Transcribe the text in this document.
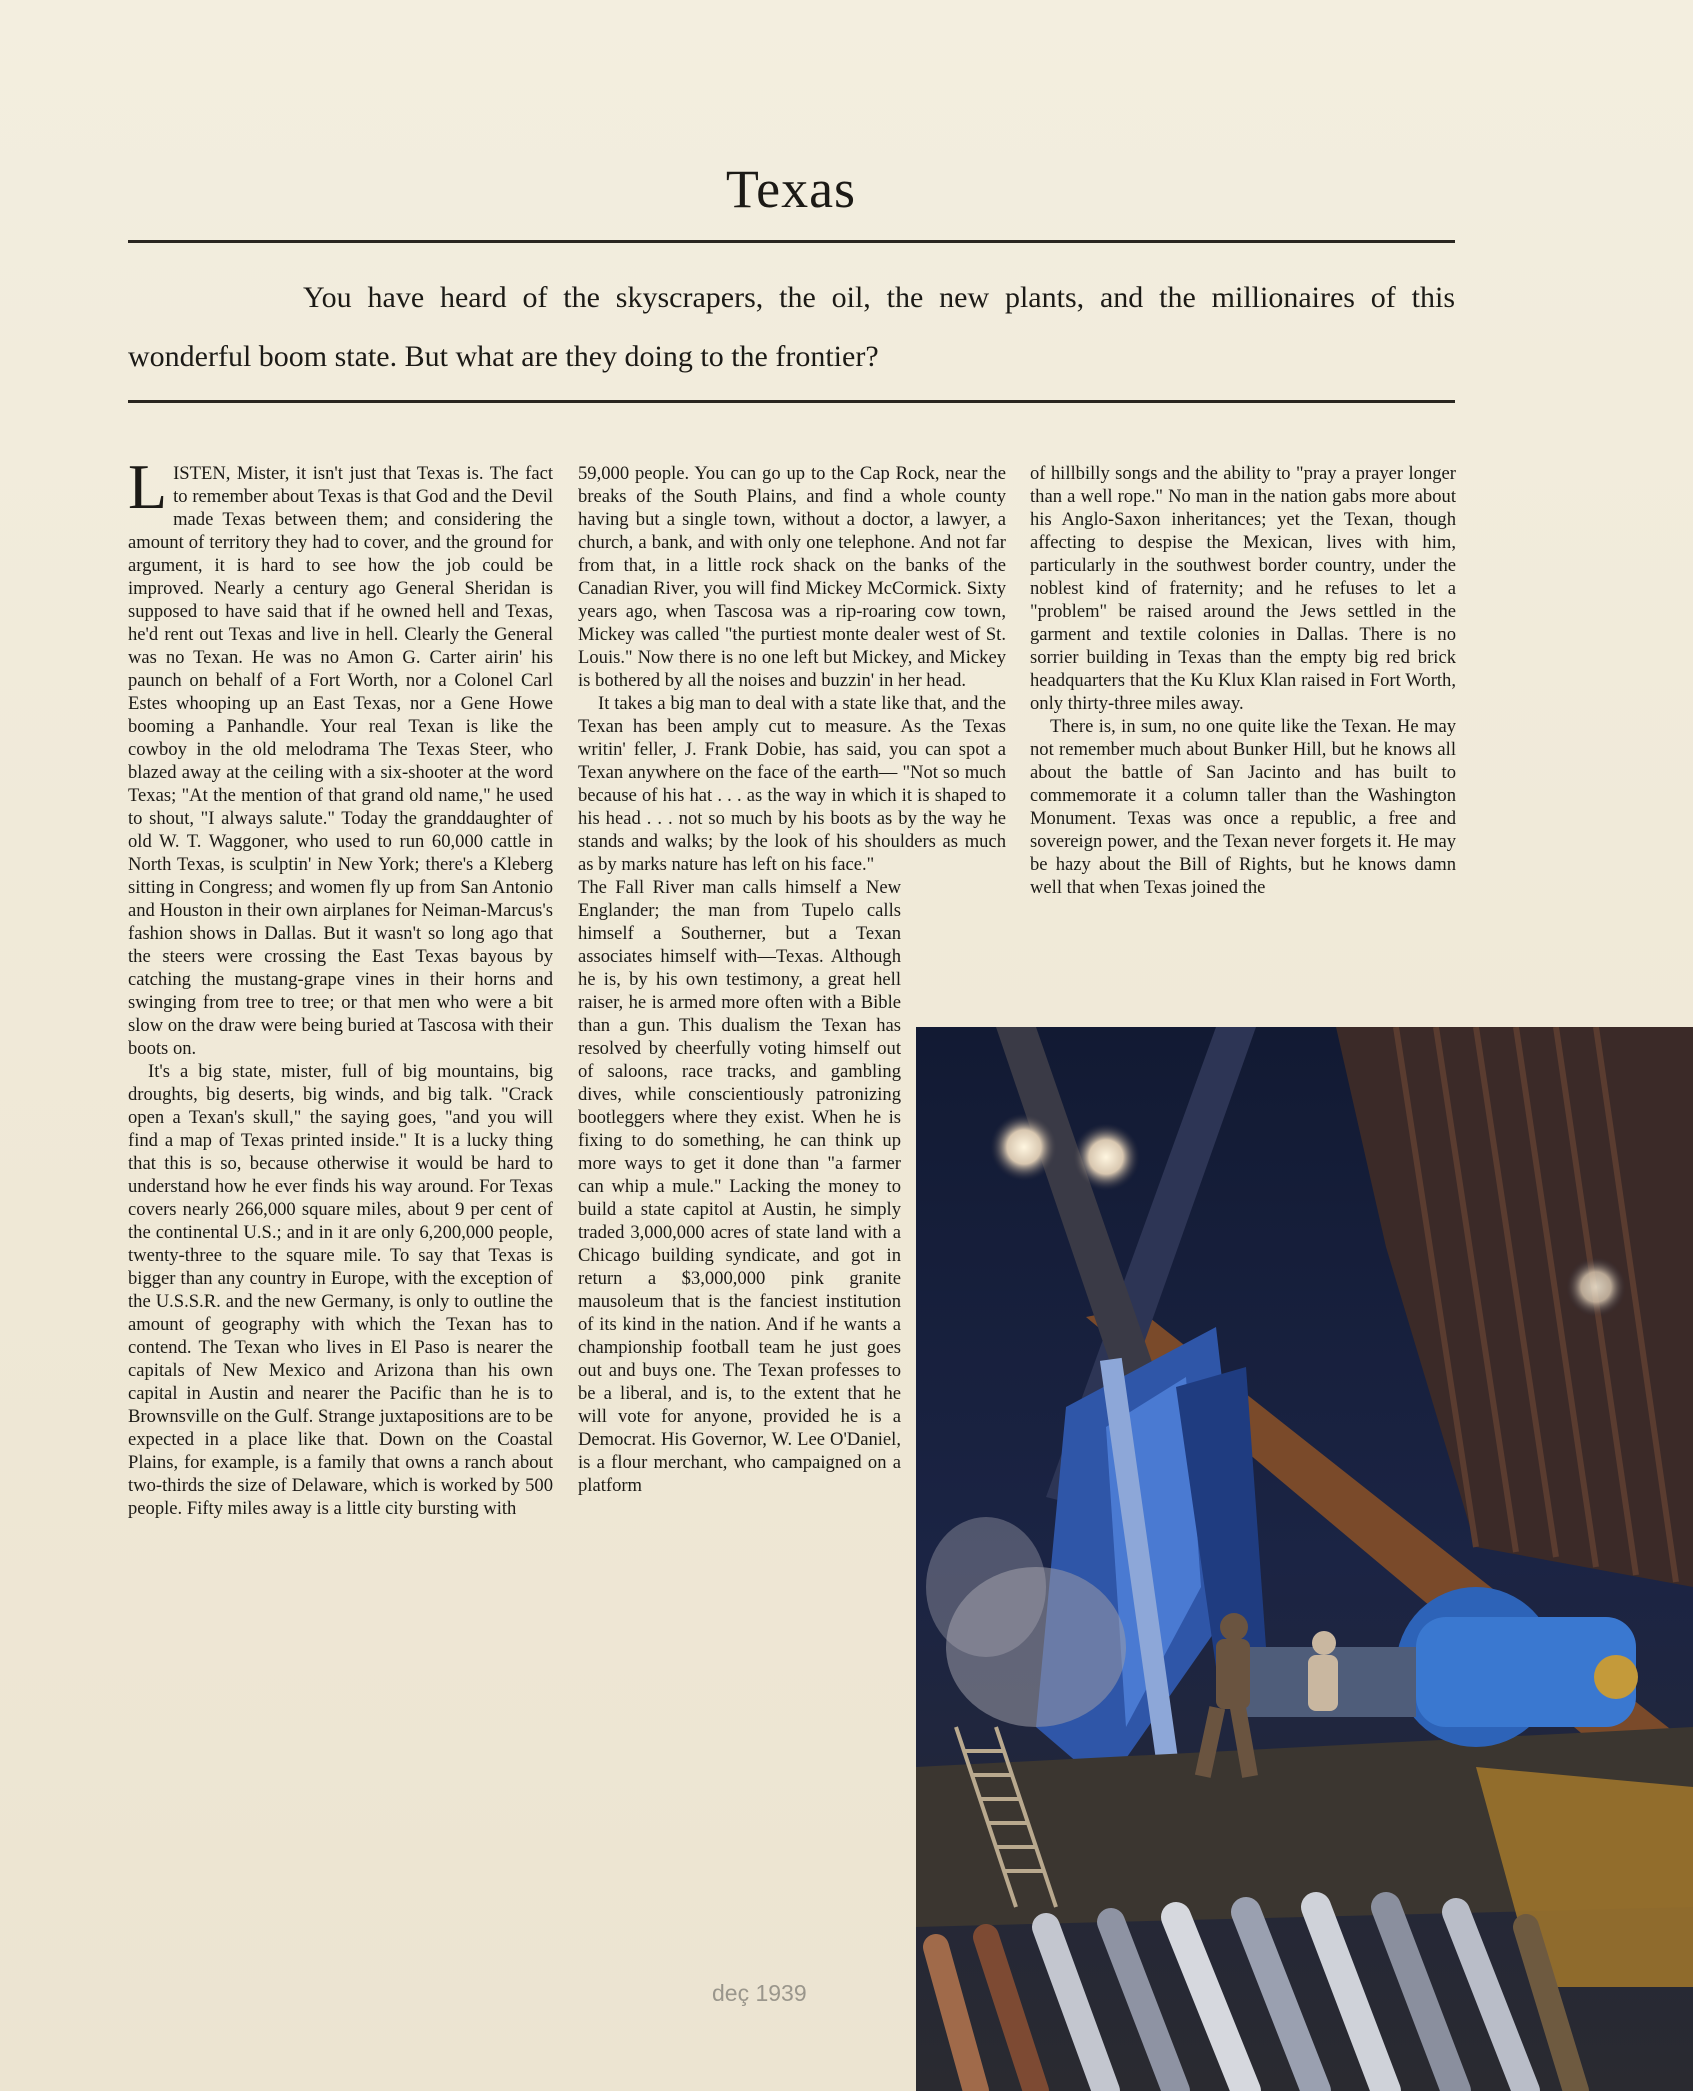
Texas

You have heard of the skyscrapers, the oil, the new plants, and the millionaires of this wonderful boom state. But what are they doing to the frontier?

LISTEN, Mister, it isn't just that Texas is. The fact to remember about Texas is that God and the Devil made Texas between them; and considering the amount of territory they had to cover, and the ground for argument, it is hard to see how the job could be improved. Nearly a century ago General Sheridan is supposed to have said that if he owned hell and Texas, he'd rent out Texas and live in hell. Clearly the General was no Texan. He was no Amon G. Carter airin' his paunch on behalf of a Fort Worth, nor a Colonel Carl Estes whooping up an East Texas, nor a Gene Howe booming a Panhandle. Your real Texan is like the cowboy in the old melodrama The Texas Steer, who blazed away at the ceiling with a six-shooter at the word Texas; "At the mention of that grand old name," he used to shout, "I always salute." Today the granddaughter of old W. T. Waggoner, who used to run 60,000 cattle in North Texas, is sculptin' in New York; there's a Kleberg sitting in Congress; and women fly up from San Antonio and Houston in their own airplanes for Neiman-Marcus's fashion shows in Dallas. But it wasn't so long ago that the steers were crossing the East Texas bayous by catching the mustang-grape vines in their horns and swinging from tree to tree; or that men who were a bit slow on the draw were being buried at Tascosa with their boots on.

It's a big state, mister, full of big mountains, big droughts, big deserts, big winds, and big talk. "Crack open a Texan's skull," the saying goes, "and you will find a map of Texas printed inside." It is a lucky thing that this is so, because otherwise it would be hard to understand how he ever finds his way around. For Texas covers nearly 266,000 square miles, about 9 per cent of the continental U.S.; and in it are only 6,200,000 people, twenty-three to the square mile. To say that Texas is bigger than any country in Europe, with the exception of the U.S.S.R. and the new Germany, is only to outline the amount of geography with which the Texan has to contend. The Texan who lives in El Paso is nearer the capitals of New Mexico and Arizona than his own capital in Austin and nearer the Pacific than he is to Brownsville on the Gulf. Strange juxtapositions are to be expected in a place like that. Down on the Coastal Plains, for example, is a family that owns a ranch about two-thirds the size of Delaware, which is worked by 500 people. Fifty miles away is a little city bursting with

59,000 people. You can go up to the Cap Rock, near the breaks of the South Plains, and find a whole county having but a single town, without a doctor, a lawyer, a church, a bank, and with only one telephone. And not far from that, in a little rock shack on the banks of the Canadian River, you will find Mickey McCormick. Sixty years ago, when Tascosa was a rip-roaring cow town, Mickey was called "the purtiest monte dealer west of St. Louis." Now there is no one left but Mickey, and Mickey is bothered by all the noises and buzzin' in her head.

It takes a big man to deal with a state like that, and the Texan has been amply cut to measure. As the Texas writin' feller, J. Frank Dobie, has said, you can spot a Texan anywhere on the face of the earth— "Not so much because of his hat . . . as the way in which it is shaped to his head . . . not so much by his boots as by the way he stands and walks; by the look of his shoulders as much as by marks nature has left on his face."

The Fall River man calls himself a New Englander; the man from Tupelo calls himself a Southerner, but a Texan associates himself with—Texas. Although he is, by his own testimony, a great hell raiser, he is armed more often with a Bible than a gun. This dualism the Texan has resolved by cheerfully voting himself out of saloons, race tracks, and gambling dives, while conscientiously patronizing bootleggers where they exist. When he is fixing to do something, he can think up more ways to get it done than "a farmer can whip a mule." Lacking the money to build a state capitol at Austin, he simply traded 3,000,000 acres of state land with a Chicago building syndicate, and got in return a $3,000,000 pink granite mausoleum that is the fanciest institution of its kind in the nation. And if he wants a championship football team he just goes out and buys one. The Texan professes to be a liberal, and is, to the extent that he will vote for anyone, provided he is a Democrat. His Governor, W. Lee O'Daniel, is a flour merchant, who campaigned on a platform

of hillbilly songs and the ability to "pray a prayer longer than a well rope." No man in the nation gabs more about his Anglo-Saxon inheritances; yet the Texan, though affecting to despise the Mexican, lives with him, particularly in the southwest border country, under the noblest kind of fraternity; and he refuses to let a "problem" be raised around the Jews settled in the garment and textile colonies in Dallas. There is no sorrier building in Texas than the empty big red brick headquarters that the Ku Klux Klan raised in Fort Worth, only thirty-three miles away.

There is, in sum, no one quite like the Texan. He may not remember much about Bunker Hill, but he knows all about the battle of San Jacinto and has built to commemorate it a column taller than the Washington Monument. Texas was once a republic, a free and sovereign power, and the Texan never forgets it. He may be hazy about the Bill of Rights, but he knows damn well that when Texas joined the

deç 1939
